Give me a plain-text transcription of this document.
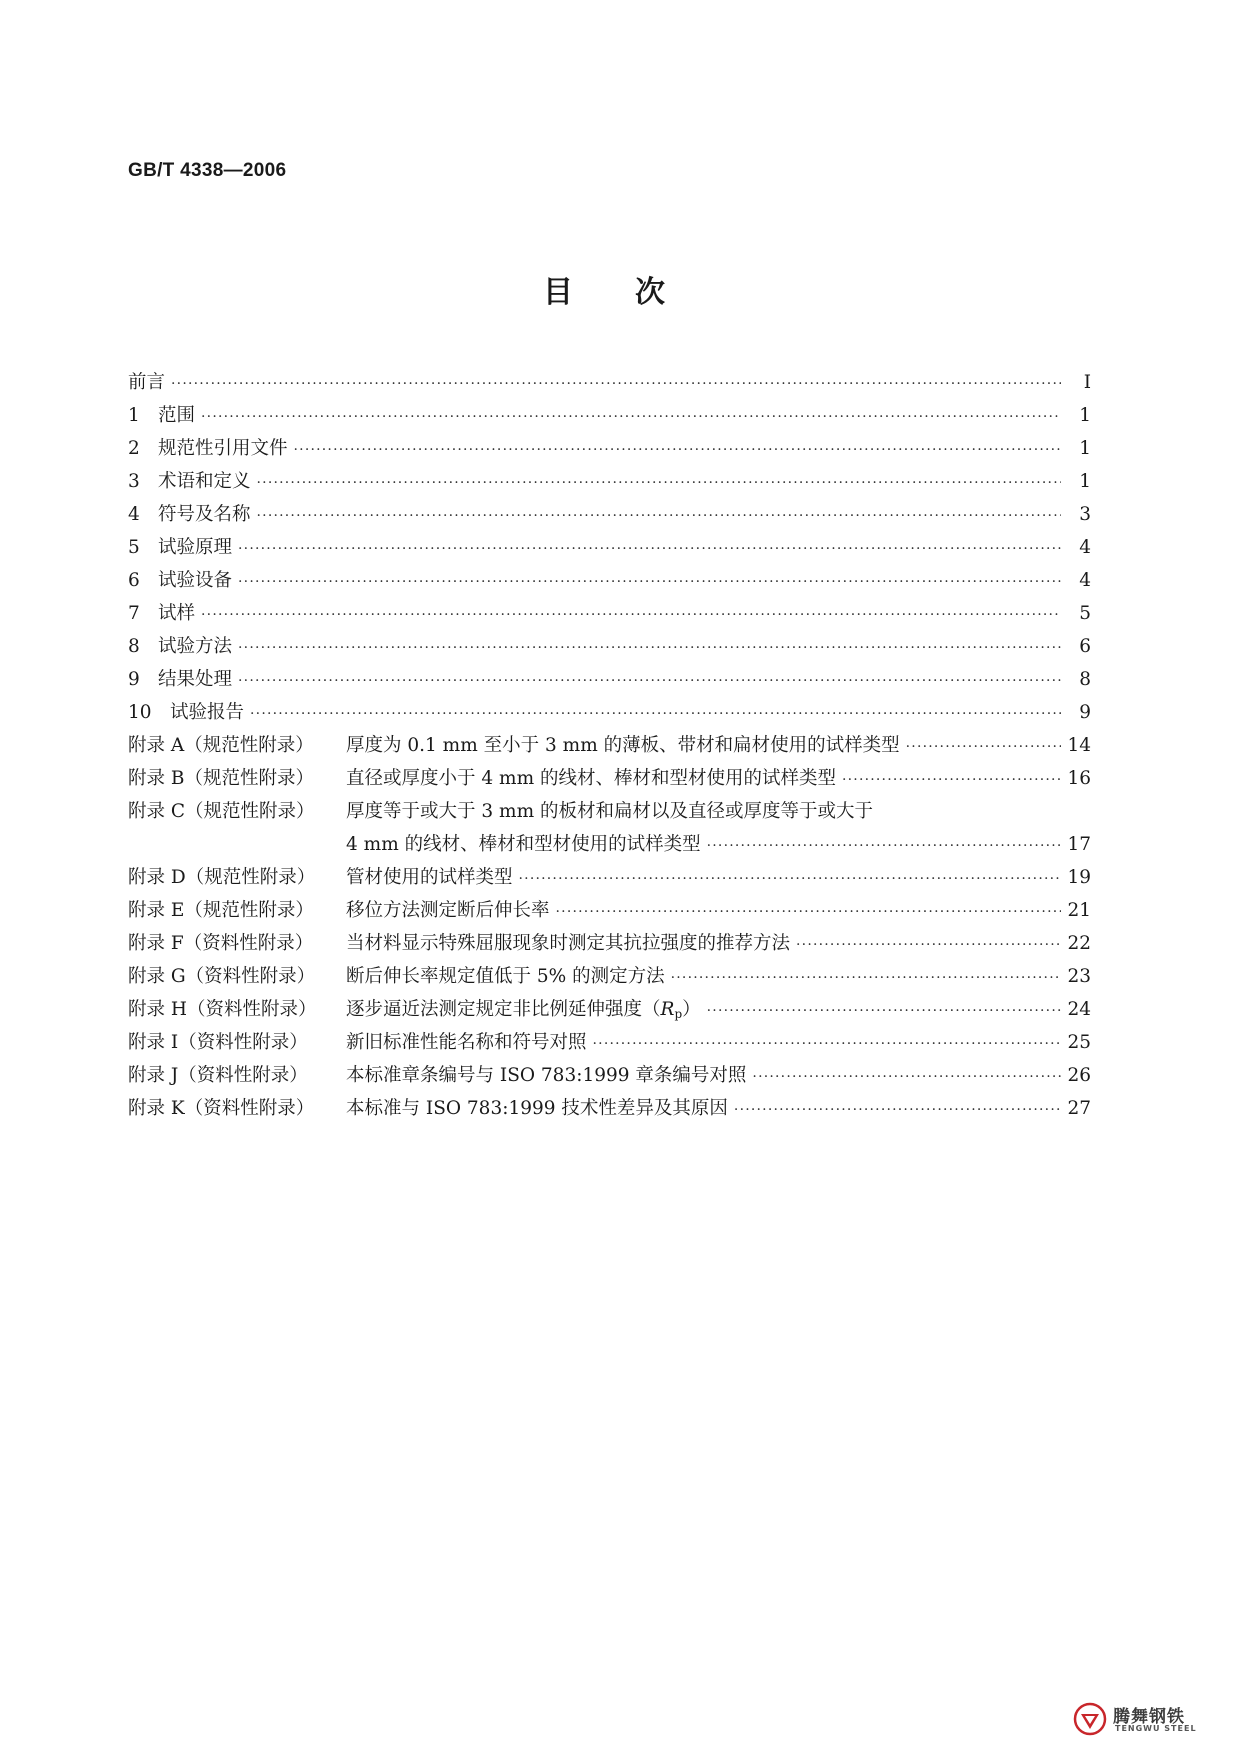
GB/T 4338—2006
目 次
前言 ·····	I
1 范围 ·····	1
2 规范性引用文件 ·····	1
3 术语和定义 ·····	1
4 符号及名称 ·····	3
5 试验原理 ·····	4
6 试验设备 ·····	4
7 试样 ·····	5
8 试验方法 ·····	6
9 结果处理 ·····	8
10 试验报告 ·····	9
附录 A（规范性附录）	厚度为 0.1 mm 至小于 3 mm 的薄板、带材和扁材使用的试样类型 ·····	14
附录 B（规范性附录）	直径或厚度小于 4 mm 的线材、棒材和型材使用的试样类型 ·····	16
附录 C（规范性附录）	厚度等于或大于 3 mm 的板材和扁材以及直径或厚度等于或大于
4 mm 的线材、棒材和型材使用的试样类型 ·····	17
附录 D（规范性附录）	管材使用的试样类型 ·····	19
附录 E（规范性附录）	移位方法测定断后伸长率 ·····	21
附录 F（资料性附录）	当材料显示特殊屈服现象时测定其抗拉强度的推荐方法 ·····	22
附录 G（资料性附录）	断后伸长率规定值低于 5% 的测定方法 ·····	23
附录 H（资料性附录）	逐步逼近法测定规定非比例延伸强度$(R_p)$ ·····	24
附录 I（资料性附录）	新旧标准性能名称和符号对照 ·····	25
附录 J（资料性附录）	本标准章条编号与 ISO 783:1999 章条编号对照 ·····	26
附录 K（资料性附录）	本标准与 ISO 783:1999 技术性差异及其原因 ·····	27
腾舞钢铁
TENGWU STEEL
